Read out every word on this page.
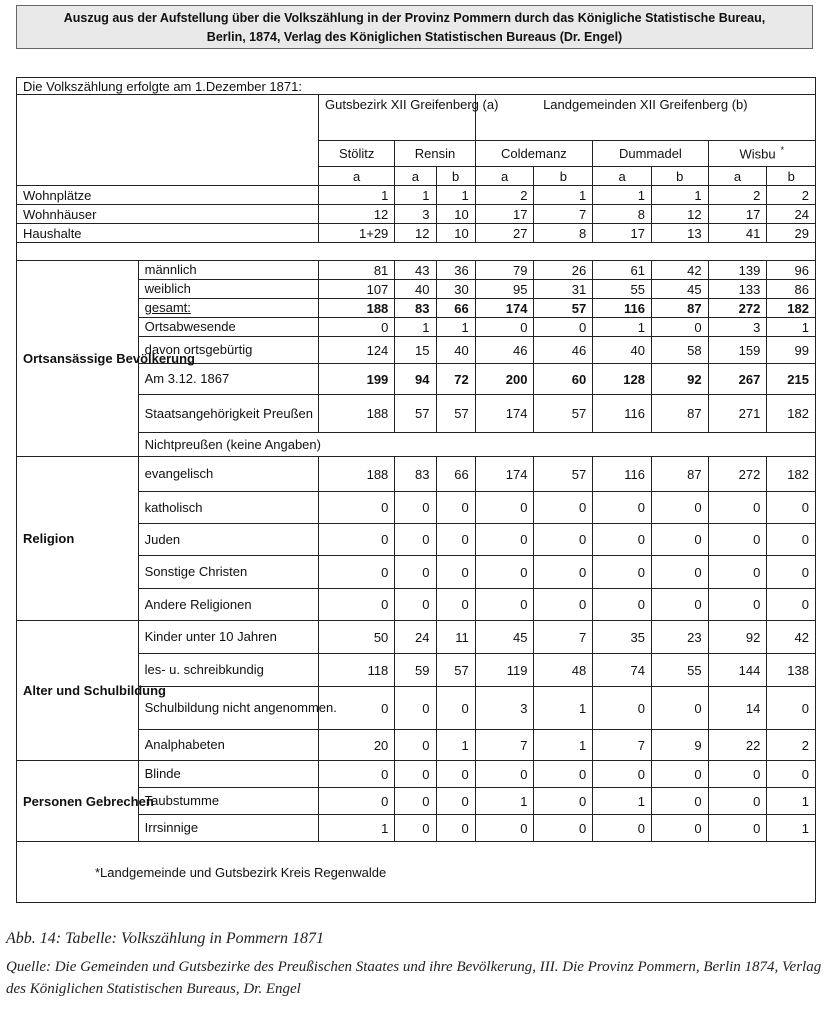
Auszug aus der Aufstellung über die Volkszählung in der Provinz Pommern durch das Königliche Statistische Bureau,
Berlin, 1874, Verlag des Königlichen Statistischen Bureaus (Dr. Engel)
Die Volkszählung erfolgte am 1.Dezember 1871:										
		Gutsbezirk XII Greifenberg (a)			Landgemeinden XII Greifenberg (b)					
		Stölitz	Rensin		Coldemanz		Dummadel		Wisbu *
		a	a	b	a	b	a	b	a	b
Wohnplätze		1	1	1	2	1	1	1	2	2
Wohnhäuser		12	3	10	17	7	8	12	17	24
Haushalte		1+29	12	10	27	8	17	13	41	29

Ortsansässige Bevölkerung	männlich	81	43	36	79	26	61	42	139	96
	weiblich	107	40	30	95	31	55	45	133	86
	gesamt:	188	83	66	174	57	116	87	272	182
	Ortsabwesende	0	1	1	0	0	1	0	3	1
	davon ortsgebürtig	124	15	40	46	46	40	58	159	99
	Am 3.12. 1867	199	94	72	200	60	128	92	267	215
	Staatsangehörigkeit Preußen	188	57	57	174	57	116	87	271	182
	Nichtpreußen (keine Angaben)									
Religion	evangelisch	188	83	66	174	57	116	87	272	182
	katholisch	0	0	0	0	0	0	0	0	0
	Juden	0	0	0	0	0	0	0	0	0
	Sonstige Christen	0	0	0	0	0	0	0	0	0
	Andere Religionen	0	0	0	0	0	0	0	0	0
Alter und Schulbildung	Kinder unter 10 Jahren	50	24	11	45	7	35	23	92	42
	les- u. schreibkundig	118	59	57	119	48	74	55	144	138
	Schulbildung nicht angenommen.	0	0	0	3	1	0	0	14	0
	Analphabeten	20	0	1	7	1	7	9	22	2
Personen Gebrechen	Blinde	0	0	0	0	0	0	0	0	0
	Taubstumme	0	0	0	1	0	1	0	0	1
	Irrsinnige	1	0	0	0	0	0	0	0	1
*Landgemeinde und Gutsbezirk Kreis Regenwalde										
Abb. 14: Tabelle: Volkszählung in Pommern 1871
Quelle: Die Gemeinden und Gutsbezirke des Preußischen Staates und ihre Bevölkerung, III. Die Provinz Pommern, Berlin 1874, Verlag des Königlichen Statistischen Bureaus, Dr. Engel
